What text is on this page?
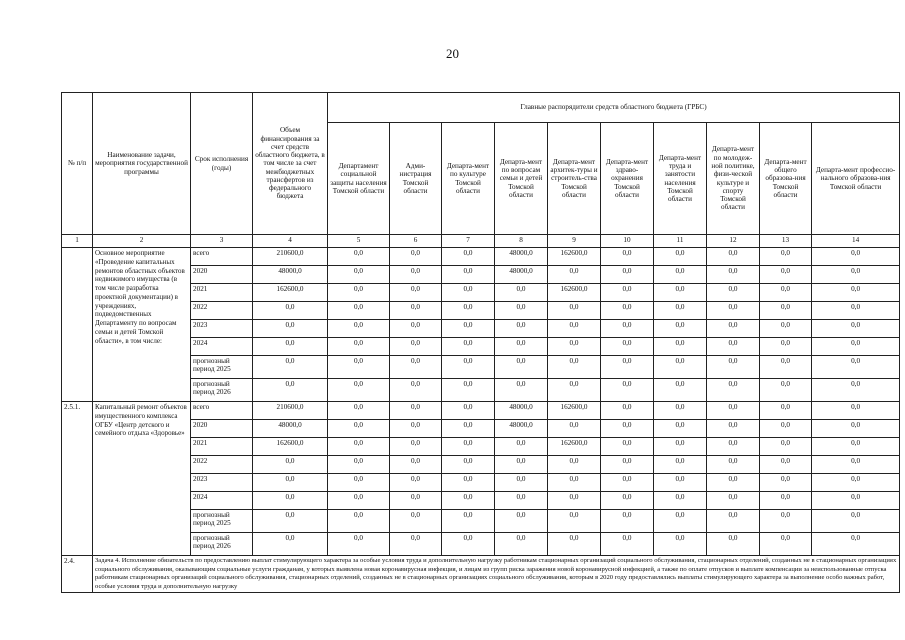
20
№ п/п	Наименование задачи, мероприятия государственной программы	Срок исполнения (годы)	Объем финансирования за счет средств областного бюджета, в том числе за счет межбюджетных трансфертов из федерального бюджета	Главные распорядители средств областного бюджета (ГРБС)									
				Департамент социальной защиты населения Томской области	Адми-нистрация Томской области	Департа-мент по культуре Томской области	Департа-мент по вопросам семьи и детей Томской области	Департа-мент архитек-туры и строитель-ства Томской области	Департа-мент здраво-охранения Томской области	Департа-мент труда и занятости населения Томской области	Департа-мент по молодеж-ной политике, физи-ческой культуре и спорту Томской области	Департа-мент общего образова-ния Томской области	Департа-мент профессио-нального образова-ния Томской области
1	2	3	4	5	6	7	8	9	10	11	12	13	14
	Основное мероприятие «Проведение капитальных ремонтов областных объектов недвижимого имущества (в том числе разработка проектной документации) в учреждениях, подведомственных Департаменту по вопросам семьи и детей Томской области», в том числе:	всего	210600,0	0,0	0,0	0,0	48000,0	162600,0	0,0	0,0	0,0	0,0	0,0
		2020	48000,0	0,0	0,0	0,0	48000,0	0,0	0,0	0,0	0,0	0,0	0,0
		2021	162600,0	0,0	0,0	0,0	0,0	162600,0	0,0	0,0	0,0	0,0	0,0
		2022	0,0	0,0	0,0	0,0	0,0	0,0	0,0	0,0	0,0	0,0	0,0
		2023	0,0	0,0	0,0	0,0	0,0	0,0	0,0	0,0	0,0	0,0	0,0
		2024	0,0	0,0	0,0	0,0	0,0	0,0	0,0	0,0	0,0	0,0	0,0
		прогнозный период 2025	0,0	0,0	0,0	0,0	0,0	0,0	0,0	0,0	0,0	0,0	0,0
		прогнозный период 2026	0,0	0,0	0,0	0,0	0,0	0,0	0,0	0,0	0,0	0,0	0,0
2.5.1.	Капитальный ремонт объектов имущественного комплекса ОГБУ «Центр детского и семейного отдыха «Здоровье»	всего	210600,0	0,0	0,0	0,0	48000,0	162600,0	0,0	0,0	0,0	0,0	0,0
		2020	48000,0	0,0	0,0	0,0	48000,0	0,0	0,0	0,0	0,0	0,0	0,0
		2021	162600,0	0,0	0,0	0,0	0,0	162600,0	0,0	0,0	0,0	0,0	0,0
		2022	0,0	0,0	0,0	0,0	0,0	0,0	0,0	0,0	0,0	0,0	0,0
		2023	0,0	0,0	0,0	0,0	0,0	0,0	0,0	0,0	0,0	0,0	0,0
		2024	0,0	0,0	0,0	0,0	0,0	0,0	0,0	0,0	0,0	0,0	0,0
		прогнозный период 2025	0,0	0,0	0,0	0,0	0,0	0,0	0,0	0,0	0,0	0,0	0,0
		прогнозный период 2026	0,0	0,0	0,0	0,0	0,0	0,0	0,0	0,0	0,0	0,0	0,0
2.4.	Задача 4. Исполнение обязательств по предоставлению выплат стимулирующего характера за особые условия труда и дополнительную нагрузку работникам стационарных организаций социального обслуживания, стационарных отделений, созданных не в стационарных организациях социального обслуживания, оказывающим социальные услуги гражданам, у которых выявлена новая коронавирусная инфекция, и лицам из групп риска заражения новой коронавирусной инфекцией, а также по оплате отпусков и выплате компенсации за неиспользованные отпуска работникам стационарных организаций социального обслуживания, стационарных отделений, созданных не в стационарных организациях социального обслуживания, которым в 2020 году предоставлялись выплаты стимулирующего характера за выполнение особо важных работ, особые условия труда и дополнительную нагрузку												
